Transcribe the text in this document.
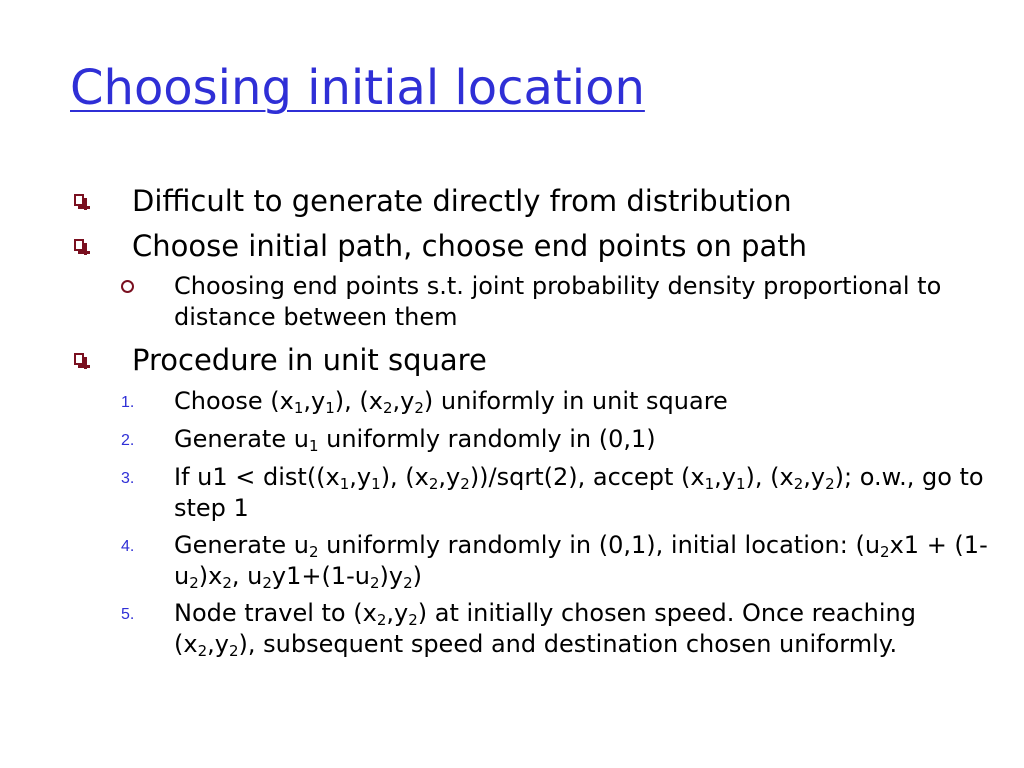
Choosing initial location
Difficult to generate directly from distribution
Choose initial path, choose end points on path
Choosing end points s.t. joint probability density proportional to distance between them
Procedure in unit square
1. Choose $(x_1,y_1)$, $(x_2,y_2)$ uniformly in unit square
2. Generate $u_1$ uniformly randomly in (0,1)
3. If $u1 < dist((x_1,y_1)$, $(x_2,y_2))/sqrt(2)$, accept $(x_1,y_1)$, $(x_2,y_2)$; o.w., go to step 1
4. Generate $u_2$ uniformly randomly in (0,1), initial location: ($u_2x1 + (1-u_2)x_2$, $u_2y1+(1-u_2)y_2$)
5. Node travel to $(x_2,y_2)$ at initially chosen speed. Once reaching $(x_2,y_2)$, subsequent speed and destination chosen uniformly.
